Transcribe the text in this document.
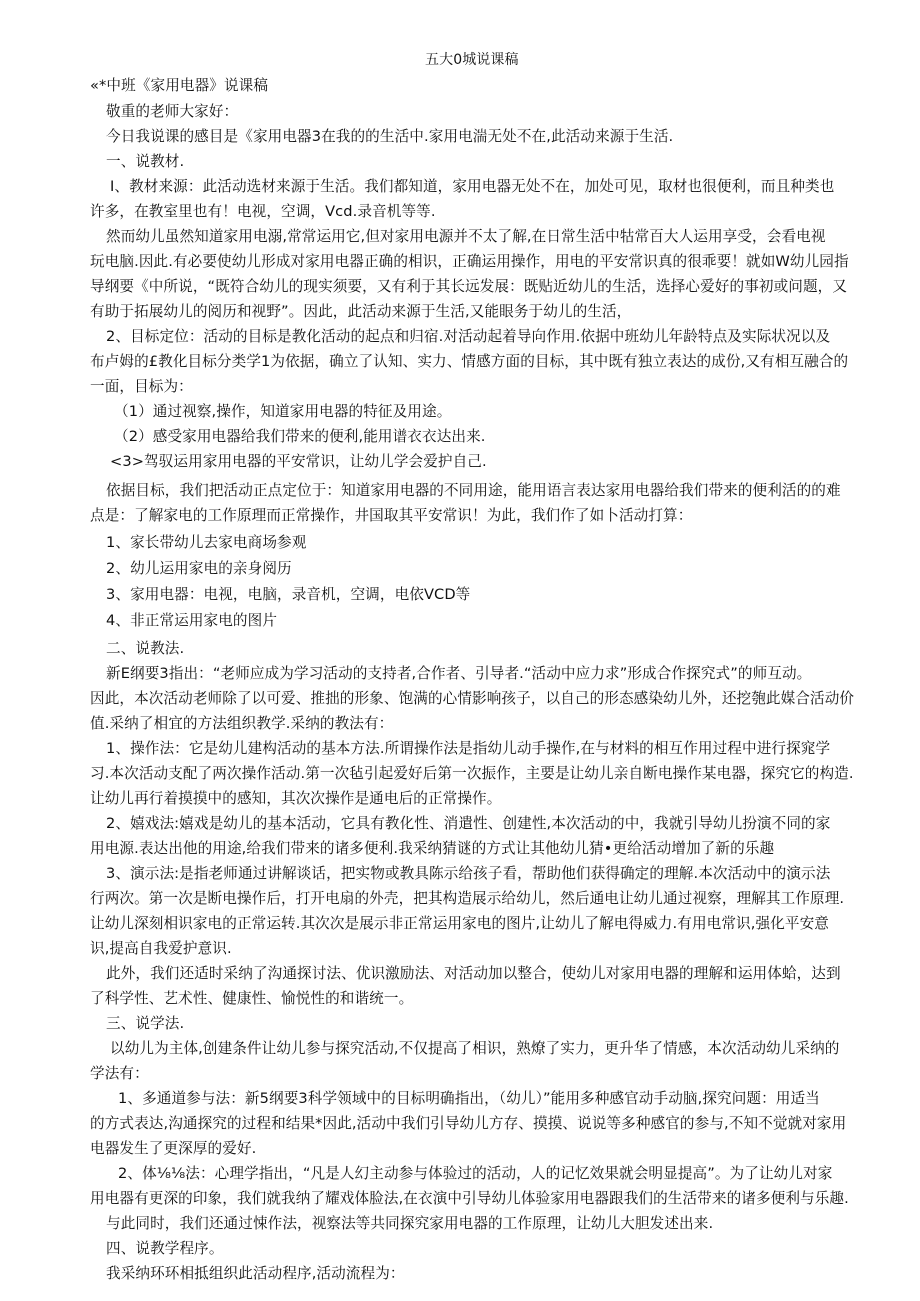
五大0城说课稿
«*中班《家用电器》说课稿
敬重的老师大家好：
今日我说课的感目是《家用电器3在我的的生活中.家用电湍无处不在,此活动来源于生活.
一、说教材.
I、教材来源：此活动选材来源于生活。我们都知道，家用电器无处不在，加处可见，取材也很便利，而且种类也
许多，在教室里也有！电视，空调，Vcd.录音机等等.
然而幼儿虽然知道家用电溺,常常运用它,但对家用电源并不太了解,在日常生活中牯常百大人运用享受，会看电视
玩电脑.因此.有必要使幼儿形成对家用电器正确的相识，正确运用操作，用电的平安常识真的很乖要！就如W幼儿园指
导纲要《中所说，“既符合幼儿的现实须要，又有利于其长远发展：既贴近幼儿的生活，选择心爱好的事初或问题，又
有助于拓展幼儿的阅历和视野”。因此，此活动来源于生活,又能眼务于幼儿的生活，
2、目标定位：活动的目标是教化活动的起点和归宿.对活动起着导向作用.依据中班幼儿年龄特点及实际状况以及
布卢姆的£教化目标分类学1为依据，确立了认知、实力、情感方面的目标，其中既有独立表达的成份,又有相互融合的
一面，目标为：
（1）通过视察,操作，知道家用电器的特征及用途。
（2）感受家用电器给我们带来的便利,能用谱衣衣达出来.
<3>驾驭运用家用电器的平安常识，让幼儿学会爱护自己.
依据目标，我们把活动正点定位于：知道家用电器的不同用途，能用语言表达家用电器给我们带来的便利活的的难
点是：了解家电的工作原理而正常操作，井国取其平安常识！为此，我们作了如卜活动打算：
1、家长带幼儿去家电商场参观
2、幼儿运用家电的亲身阅历
3、家用电器：电视，电脑，录音机，空调，电依VCD等
4、非正常运用家电的图片
二、说教法.
新E纲要3指出：“老师应成为学习活动的支持者,合作者、引导者.“活动中应力求”形成合作探究式”的师互动。
因此，本次活动老师除了以可爱、推拙的形象、饱满的心情影响孩子，以自己的形态感染幼儿外，还挖匏此媒合活动价
值.采纳了相宜的方法组织教学.采纳的教法有：
1、操作法：它是幼儿建构活动的基本方法.所谓操作法是指幼儿动手操作,在与材料的相互作用过程中进行探窕学
习.本次活动支配了两次操作活动.第一次毡引起爱好后第一次振作，主要是让幼儿亲自断电操作某电器，探究它的构造.
让幼儿再行着摸摸中的感知，其次次操作是通电后的正常操作。
2、嬉戏法:嬉戏是幼儿的基本活动，它具有教化性、消遣性、创建性,本次活动的中，我就引导幼儿扮演不同的家
用电源.表达出他的用途,给我们带来的诸多便利.我采纳猜谜的方式让其他幼儿猜•更给活动增加了新的乐趣
3、演示法:是指老师通过讲解谈话，把实物或教具陈示给孩子看，帮助他们获得确定的理解.本次活动中的演示法
行两次。第一次是断电操作后，打开电扇的外壳，把其构造展示给幼儿，然后通电让幼儿通过视察，理解其工作原理.
让幼儿深刻相识家电的正常运转.其次次是展示非正常运用家电的图片,让幼儿了解电得威力.有用电常识,强化平安意
识,提高自我爱护意识.
此外，我们还适时采纳了沟通探讨法、优识激励法、对活动加以整合，使幼儿对家用电器的理解和运用体蛤，达到
了科学性、艺术性、健康性、愉悦性的和谐统一。
三、说学法.
以幼儿为主体,创建条件让幼儿参与探究活动,不仅提高了相识，熟燎了实力，更升华了情感，本次活动幼儿采纳的
学法有：
1、多通道参与法：新5纲要3科学领域中的目标明确指出，（幼儿）”能用多种感官动手动脑,探究问题：用适当
的方式表达,沟通探究的过程和结果*因此,活动中我们引导幼儿方存、摸摸、说说等多种感官的参与,不知不觉就对家用
电器发生了更深厚的爱好.
2、体⅛⅛法：心理学指出，“凡是人幻主动参与体验过的活动，人的记忆效果就会明显提高”。为了让幼儿对家
用电器有更深的印象，我们就我纳了耀戏体脸法,在衣演中引导幼儿体验家用电器跟我们的生活带来的诸多便利与乐趣.
与此同时，我们还通过悚作法，视察法等共同探究家用电器的工作原理，让幼儿大胆发述出来.
四、说教学程序。
我采纳环环相抵组织此活动程序,活动流程为：
